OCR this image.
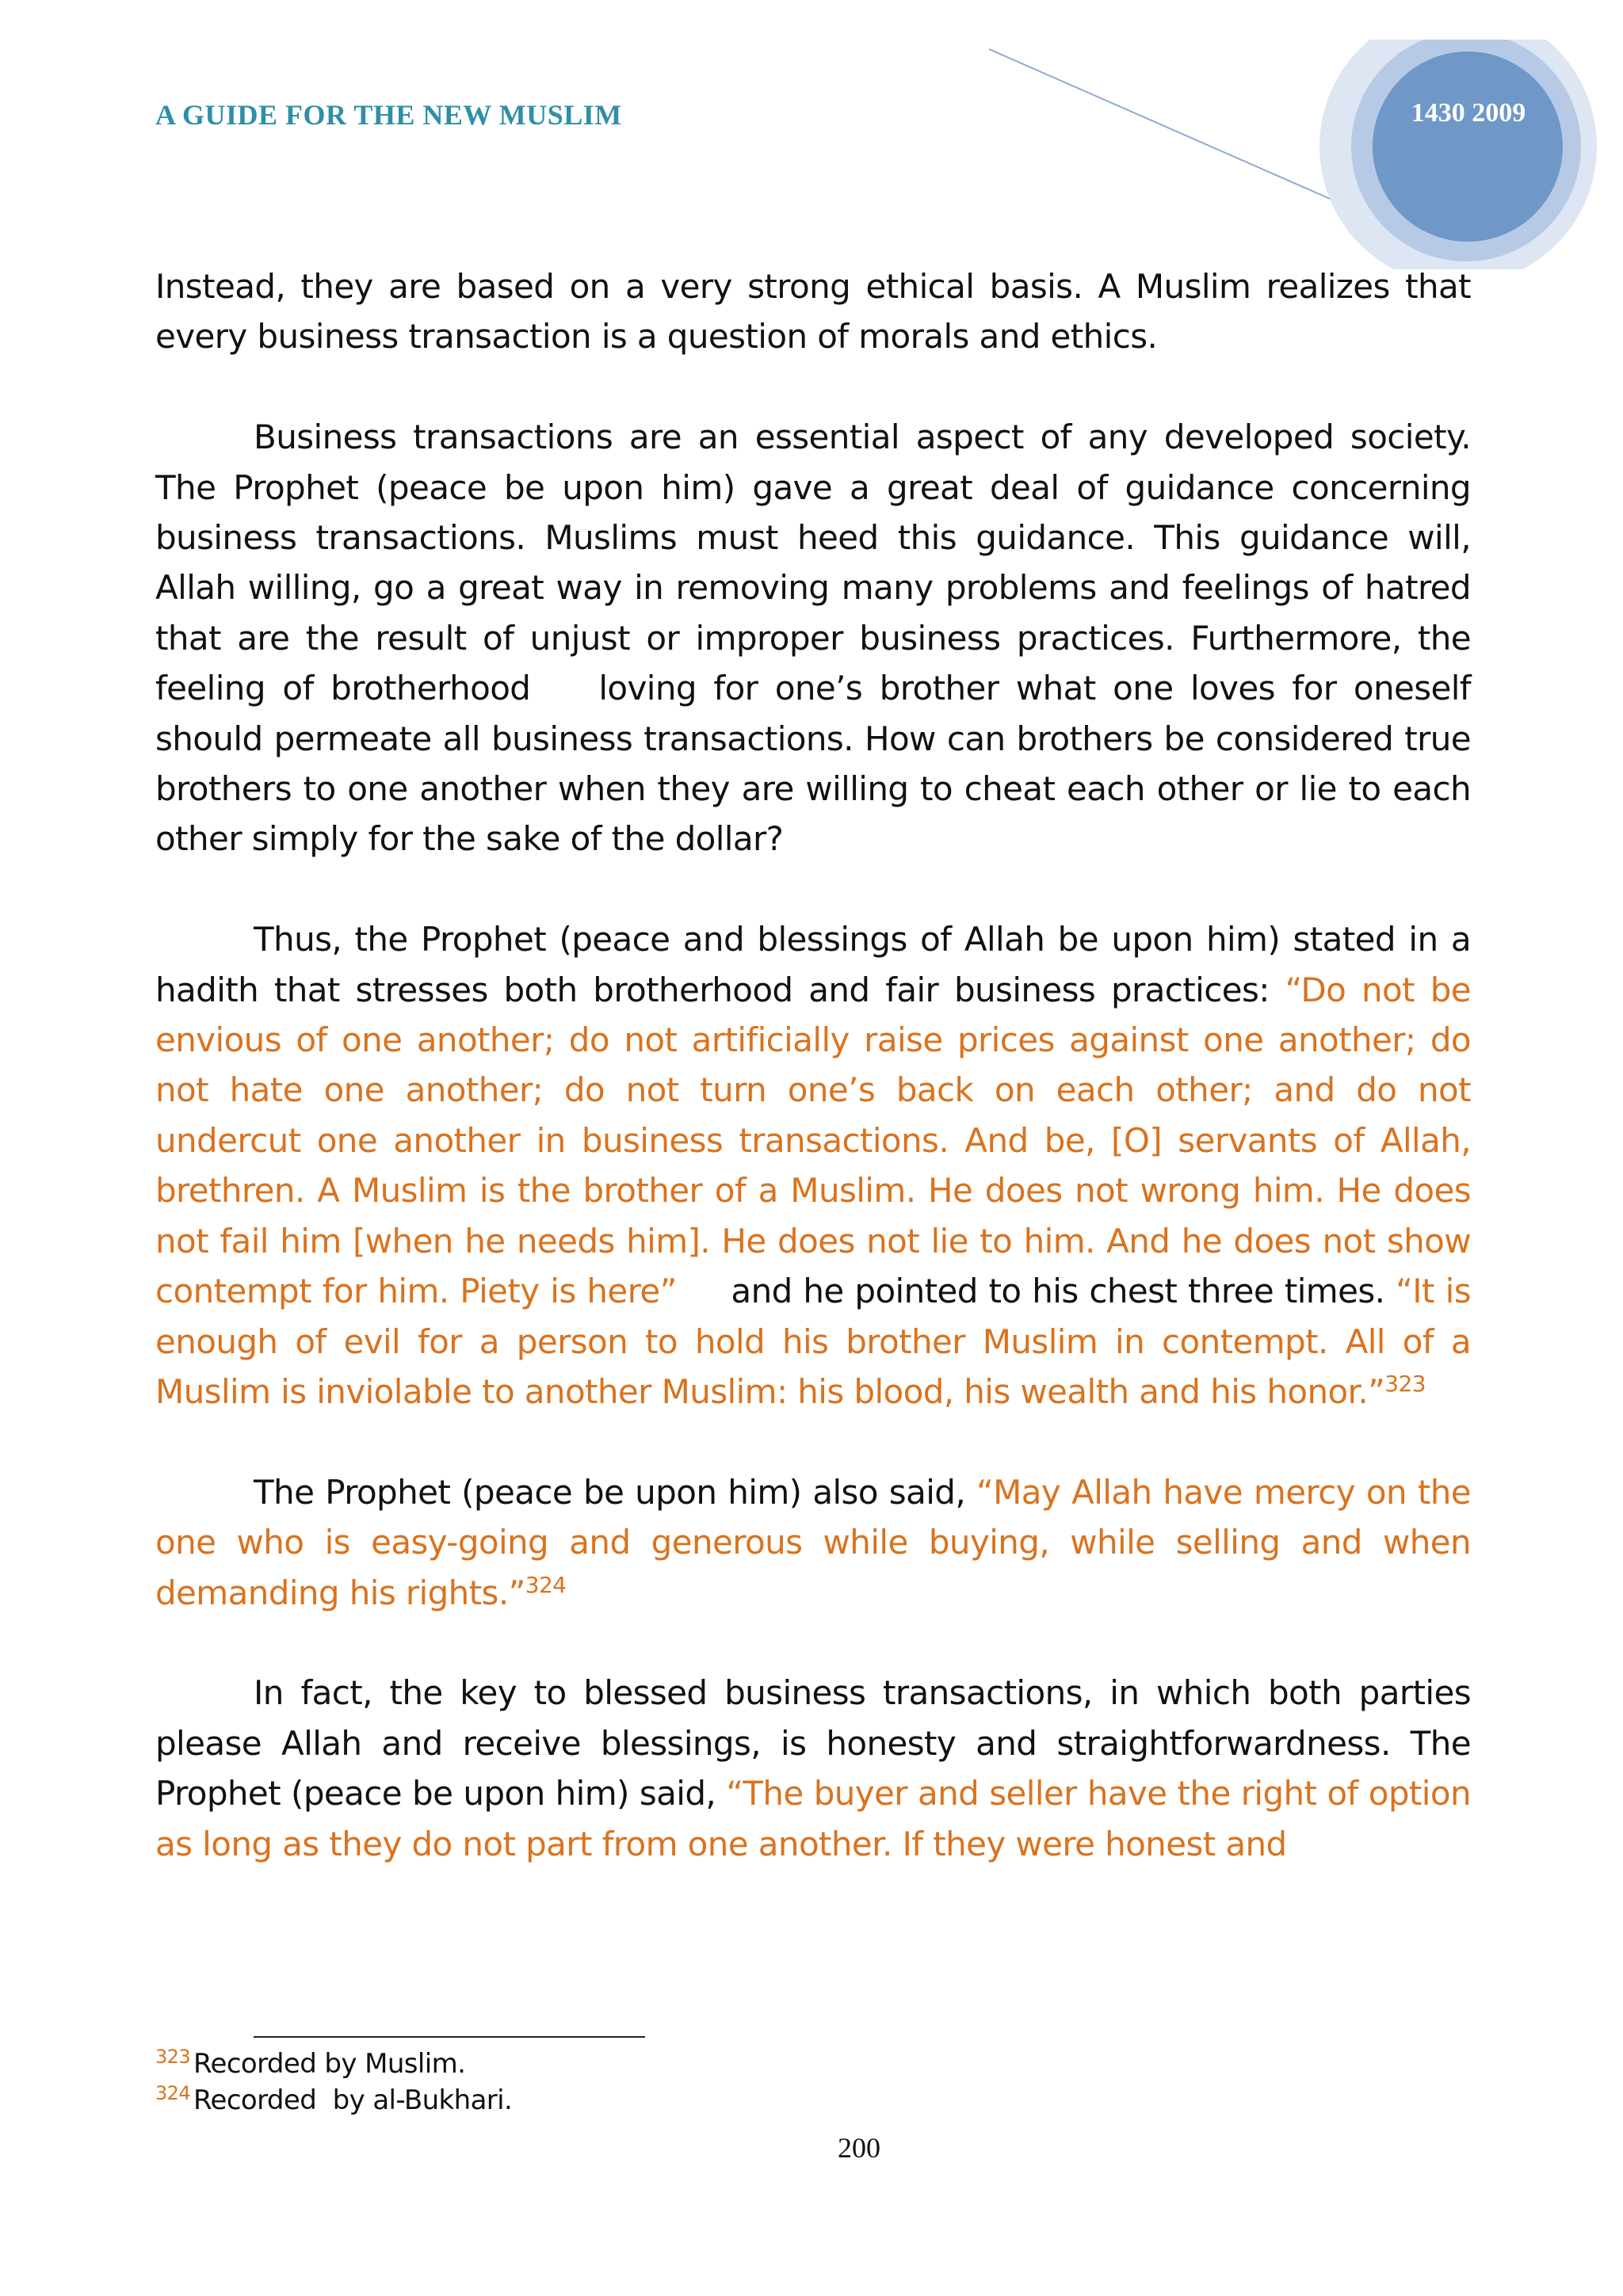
A GUIDE FOR THE NEW MUSLIM	1430 2009

Instead, they are based on a very strong ethical basis. A Muslim realizes that every business transaction is a question of morals and ethics.

Business transactions are an essential aspect of any developed society. The Prophet (peace be upon him) gave a great deal of guidance concerning business transactions. Muslims must heed this guidance. This guidance will, Allah willing, go a great way in removing many problems and feelings of hatred that are the result of unjust or improper business practices. Furthermore, the feeling of brotherhood    loving for one’s brother what one loves for oneself    should permeate all business transactions. How can brothers be considered true brothers to one another when they are willing to cheat each other or lie to each other simply for the sake of the dollar?

Thus, the Prophet (peace and blessings of Allah be upon him) stated in a hadith that stresses both brotherhood and fair business practices: “Do not be envious of one another; do not artificially raise prices against one another; do not hate one another; do not turn one’s back on each other; and do not undercut one another in business transactions. And be, [O] servants of Allah, brethren. A Muslim is the brother of a Muslim. He does not wrong him. He does not fail him [when he needs him]. He does not lie to him. And he does not show contempt for him. Piety is here”     and he pointed to his chest three times. “It is enough of evil for a person to hold his brother Muslim in contempt. All of a Muslim is inviolable to another Muslim: his blood, his wealth and his honor.”$^{323}$

The Prophet (peace be upon him) also said, “May Allah have mercy on the one who is easy-going and generous while buying, while selling and when demanding his rights.”$^{324}$

In fact, the key to blessed business transactions, in which both parties please Allah and receive blessings, is honesty and straightforwardness. The Prophet (peace be upon him) said, “The buyer and seller have the right of option as long as they do not part from one another. If they were honest and

$^{323}$ Recorded by Muslim.
$^{324}$ Recorded  by al-Bukhari.
200
